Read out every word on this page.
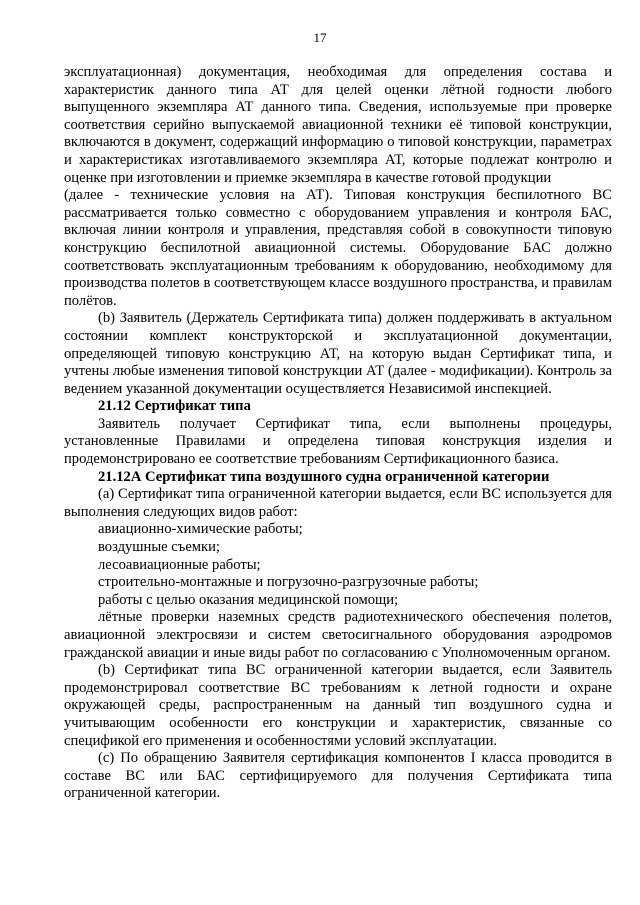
17

эксплуатационная) документация, необходимая для определения состава и характеристик данного типа АТ для целей оценки лётной годности любого выпущенного экземпляра АТ данного типа. Сведения, используемые при проверке соответствия серийно выпускаемой авиационной техники её типовой конструкции, включаются в документ, содержащий информацию о типовой конструкции, параметрах и характеристиках изготавливаемого экземпляра АТ, которые подлежат контролю и оценке при изготовлении и приемке экземпляра в качестве готовой продукции

(далее - технические условия на АТ). Типовая конструкция беспилотного ВС рассматривается только совместно с оборудованием управления и контроля БАС, включая линии контроля и управления, представляя собой в совокупности типовую конструкцию беспилотной авиационной системы. Оборудование БАС должно соответствовать эксплуатационным требованиям к оборудованию, необходимому для производства полетов в соответствующем классе воздушного пространства, и правилам полётов.

(b) Заявитель (Держатель Сертификата типа) должен поддерживать в актуальном состоянии комплект конструкторской и эксплуатационной документации, определяющей типовую конструкцию АТ, на которую выдан Сертификат типа, и учтены любые изменения типовой конструкции АТ (далее - модификации). Контроль за ведением указанной документации осуществляется Независимой инспекцией.

21.12 Сертификат типа

Заявитель получает Сертификат типа, если выполнены процедуры, установленные Правилами и определена типовая конструкция изделия и продемонстрировано ее соответствие требованиям Сертификационного базиса.

21.12А Сертификат типа воздушного судна ограниченной категории

(а) Сертификат типа ограниченной категории выдается, если ВС используется для выполнения следующих видов работ:

авиационно-химические работы;

воздушные съемки;

лесоавиационные работы;

строительно-монтажные и погрузочно-разгрузочные работы;

работы с целью оказания медицинской помощи;

лётные проверки наземных средств радиотехнического обеспечения полетов, авиационной электросвязи и систем светосигнального оборудования аэродромов гражданской авиации и иные виды работ по согласованию с Уполномоченным органом.

(b) Сертификат типа ВС ограниченной категории выдается, если Заявитель продемонстрировал соответствие ВС требованиям к летной годности и охране окружающей среды, распространенным на данный тип воздушного судна и учитывающим особенности его конструкции и характеристик, связанные со спецификой его применения и особенностями условий эксплуатации.

(с) По обращению Заявителя сертификация компонентов I класса проводится в составе ВС или БАС сертифицируемого для получения Сертификата типа ограниченной категории.
